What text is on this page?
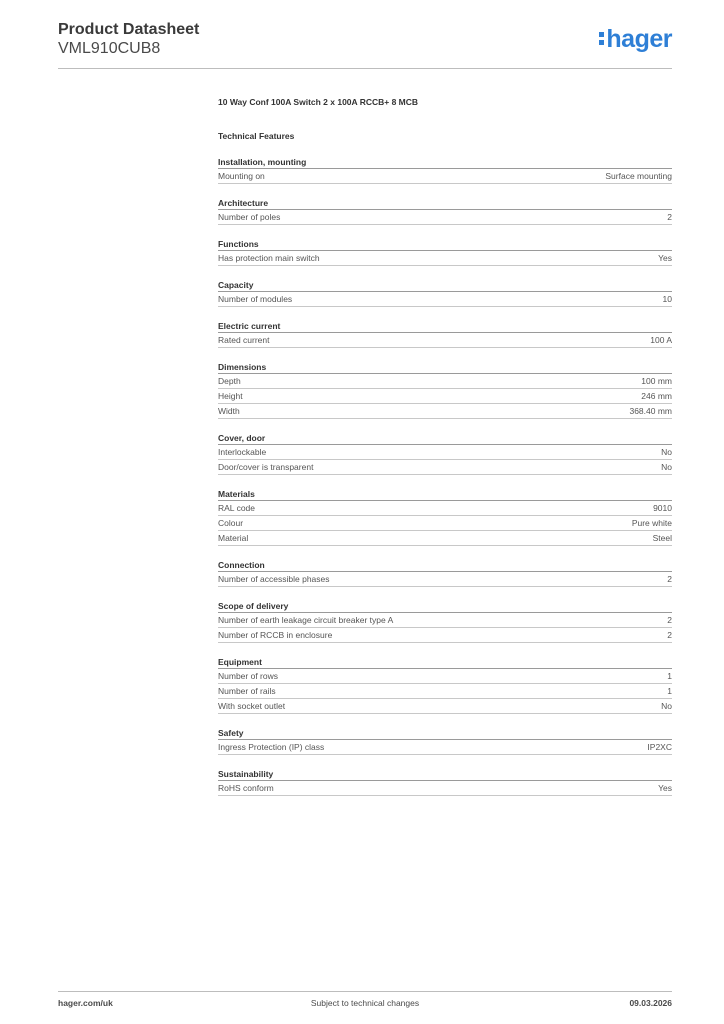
Product Datasheet
VML910CUB8	hager
10 Way Conf 100A Switch 2 x 100A RCCB+ 8 MCB
Technical Features
Installation, mounting
Mounting on	Surface mounting
Architecture
Number of poles	2
Functions
Has protection main switch	Yes
Capacity
Number of modules	10
Electric current
Rated current	100 A
Dimensions
Depth	100 mm
Height	246 mm
Width	368.40 mm
Cover, door
Interlockable	No
Door/cover is transparent	No
Materials
RAL code	9010
Colour	Pure white
Material	Steel
Connection
Number of accessible phases	2
Scope of delivery
Number of earth leakage circuit breaker type A	2
Number of RCCB in enclosure	2
Equipment
Number of rows	1
Number of rails	1
With socket outlet	No
Safety
Ingress Protection (IP) class	IP2XC
Sustainability
RoHS conform	Yes
hager.com/uk	Subject to technical changes	09.03.2026
